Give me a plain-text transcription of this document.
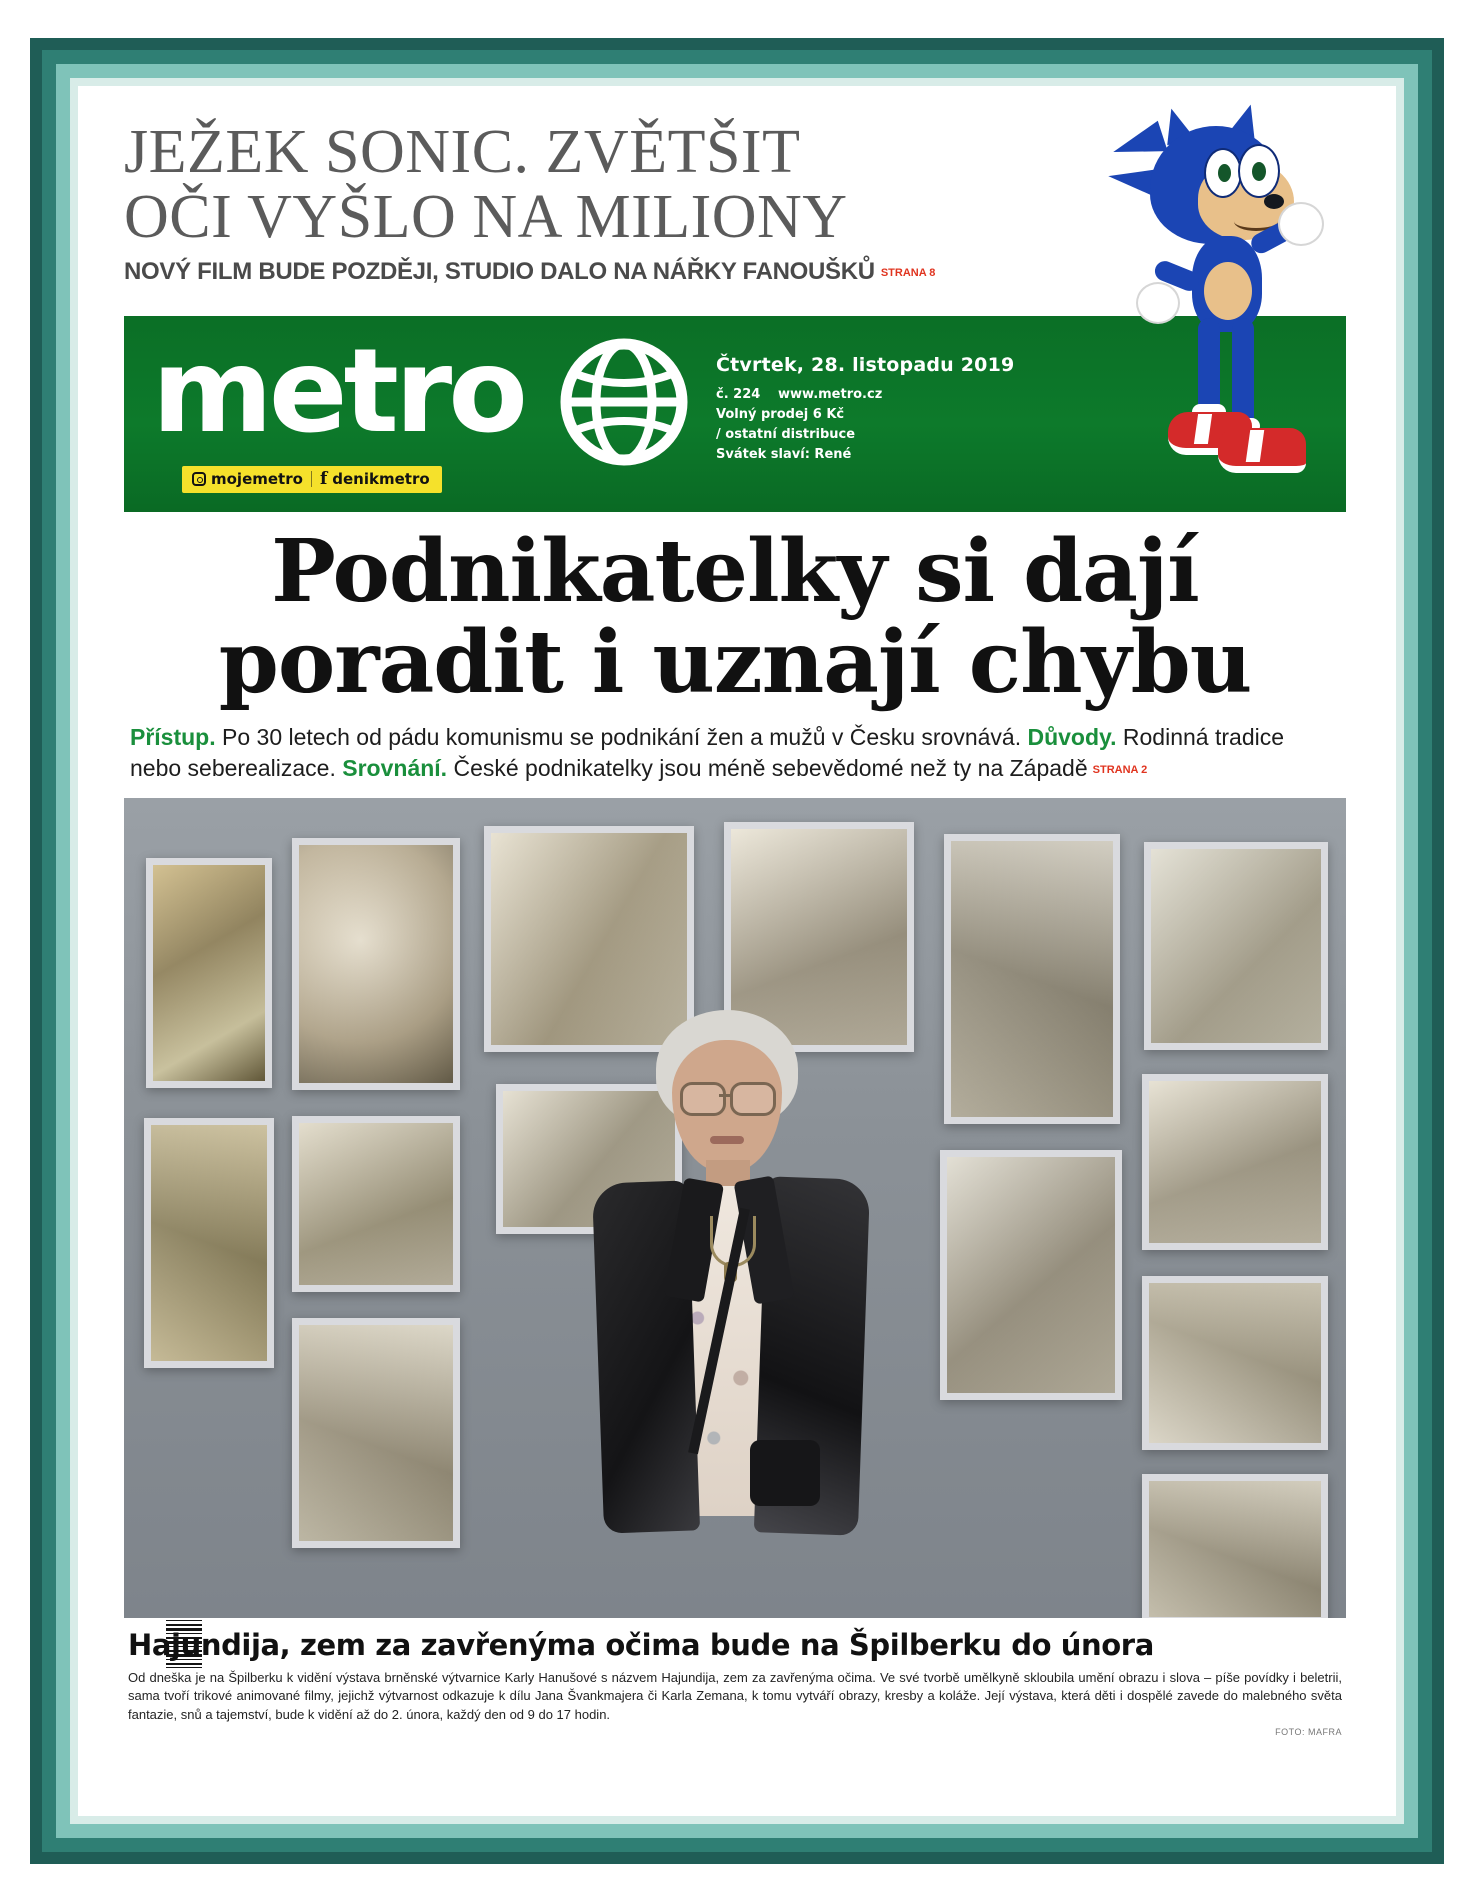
JEŽEK SONIC. ZVĚTŠIT
OČI VYŠLO NA MILIONY
NOVÝ FILM BUDE POZDĚJI, STUDIO DALO NA NÁŘKY FANOUŠKŮ STRANA 8
metro
mojemetro f denikmetro
Čtvrtek, 28. listopadu 2019
č. 224 www.metro.cz
Volný prodej 6 Kč
/ ostatní distribuce
Svátek slaví: René
Podnikatelky si dají
poradit i uznají chybu
Přístup. Po 30 letech od pádu komunismu se podnikání žen a mužů v Česku srovnává. Důvody. Rodinná tradice nebo seberealizace. Srovnání. České podnikatelky jsou méně sebevědomé než ty na Západě STRANA 2
Hajundija, zem za zavřenýma očima bude na Špilberku do února
Od dneška je na Špilberku k vidění výstava brněnské výtvarnice Karly Hanušové s názvem Hajundija, zem za zavřenýma očima. Ve své tvorbě umělkyně skloubila umění obrazu i slova – píše povídky i beletrii, sama tvoří trikové animované filmy, jejichž výtvarnost odkazuje k dílu Jana Švankmajera či Karla Zemana, k tomu vytváří obrazy, kresby a koláže. Její výstava, která děti i dospělé zavede do malebného světa fantazie, snů a tajemství, bude k vidění až do 2. února, každý den od 9 do 17 hodin.
FOTO: MAFRA
